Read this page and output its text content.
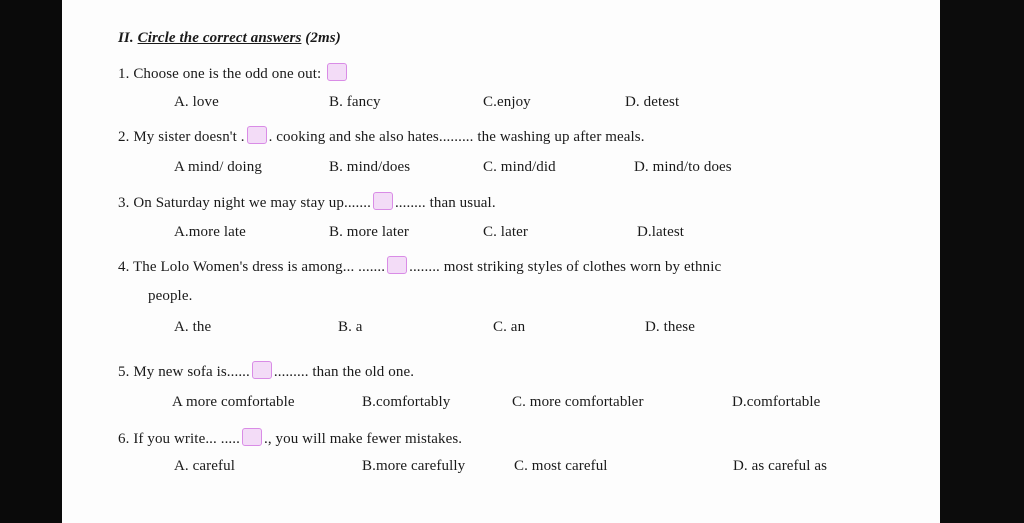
II. Circle the correct answers (2ms)
1. Choose one is the odd one out:
A. love	B. fancy	C.enjoy	D. detest
2. My sister doesn't . . cooking and she also hates......... the washing up after meals.
A mind/ doing	B. mind/does	C. mind/did	D. mind/to does
3. On Saturday night we may stay up....... ........ than usual.
A.more late	B. more later	C. later	D.latest
4. The Lolo Women's dress is among... ....... ........ most striking styles of clothes worn by ethnic
people.
A. the	B. a	C. an	D. these
5. My new sofa is...... ......... than the old one.
A more comfortable	B.comfortably	C. more comfortabler	D.comfortable
6. If you write... ..... ., you will make fewer mistakes.
A. careful	B.more carefully	C. most careful	D. as careful as
